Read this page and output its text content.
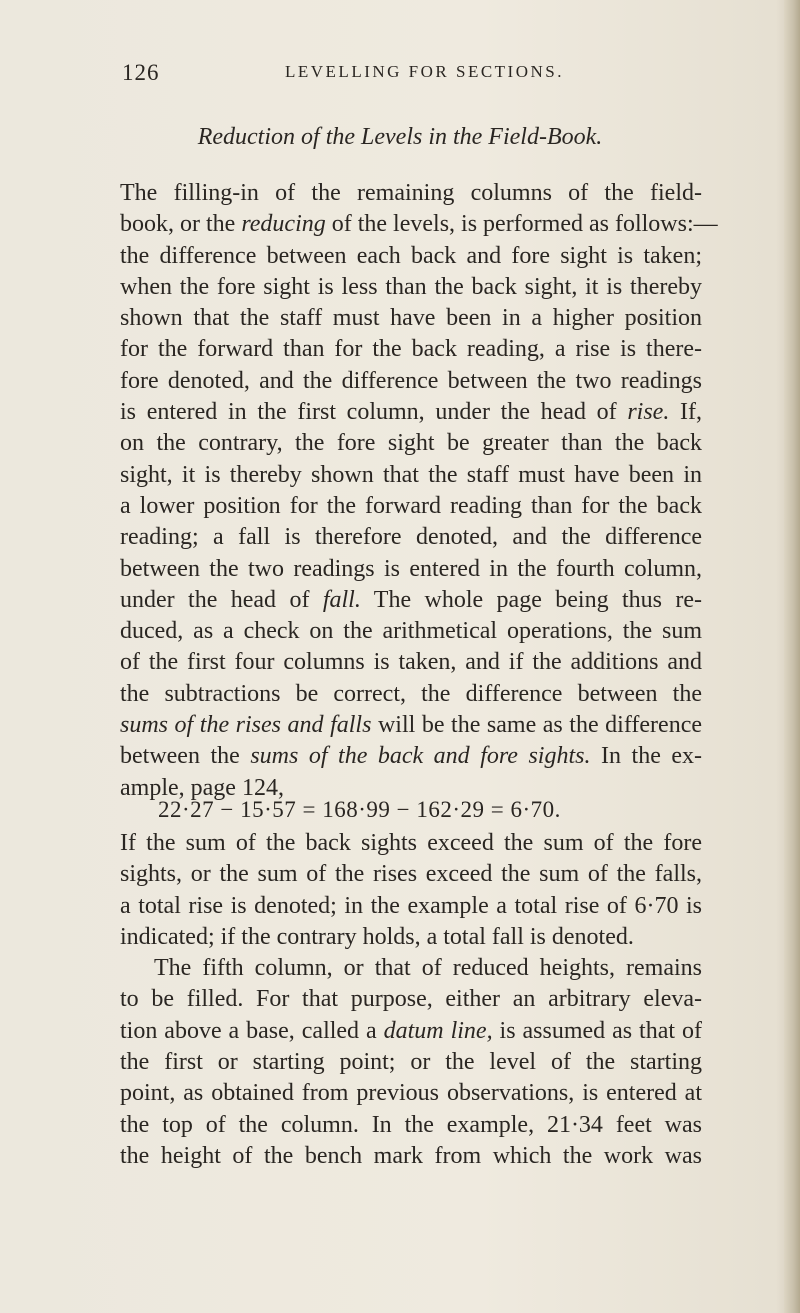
126	LEVELLING FOR SECTIONS.
Reduction of the Levels in the Field-Book.
The filling-in of the remaining columns of the field-
book, or the reducing of the levels, is performed as follows:—
the difference between each back and fore sight is taken;
when the fore sight is less than the back sight, it is thereby
shown that the staff must have been in a higher position
for the forward than for the back reading, a rise is there-
fore denoted, and the difference between the two readings
is entered in the first column, under the head of rise. If,
on the contrary, the fore sight be greater than the back
sight, it is thereby shown that the staff must have been in
a lower position for the forward reading than for the back
reading; a fall is therefore denoted, and the difference
between the two readings is entered in the fourth column,
under the head of fall. The whole page being thus re-
duced, as a check on the arithmetical operations, the sum
of the first four columns is taken, and if the additions and
the subtractions be correct, the difference between the
sums of the rises and falls will be the same as the difference
between the sums of the back and fore sights. In the ex-
ample, page 124,
22·27 − 15·57 = 168·99 − 162·29 = 6·70.
If the sum of the back sights exceed the sum of the fore
sights, or the sum of the rises exceed the sum of the falls,
a total rise is denoted; in the example a total rise of 6·70 is
indicated; if the contrary holds, a total fall is denoted.
The fifth column, or that of reduced heights, remains
to be filled. For that purpose, either an arbitrary eleva-
tion above a base, called a datum line, is assumed as that of
the first or starting point; or the level of the starting
point, as obtained from previous observations, is entered at
the top of the column. In the example, 21·34 feet was
the height of the bench mark from which the work was
